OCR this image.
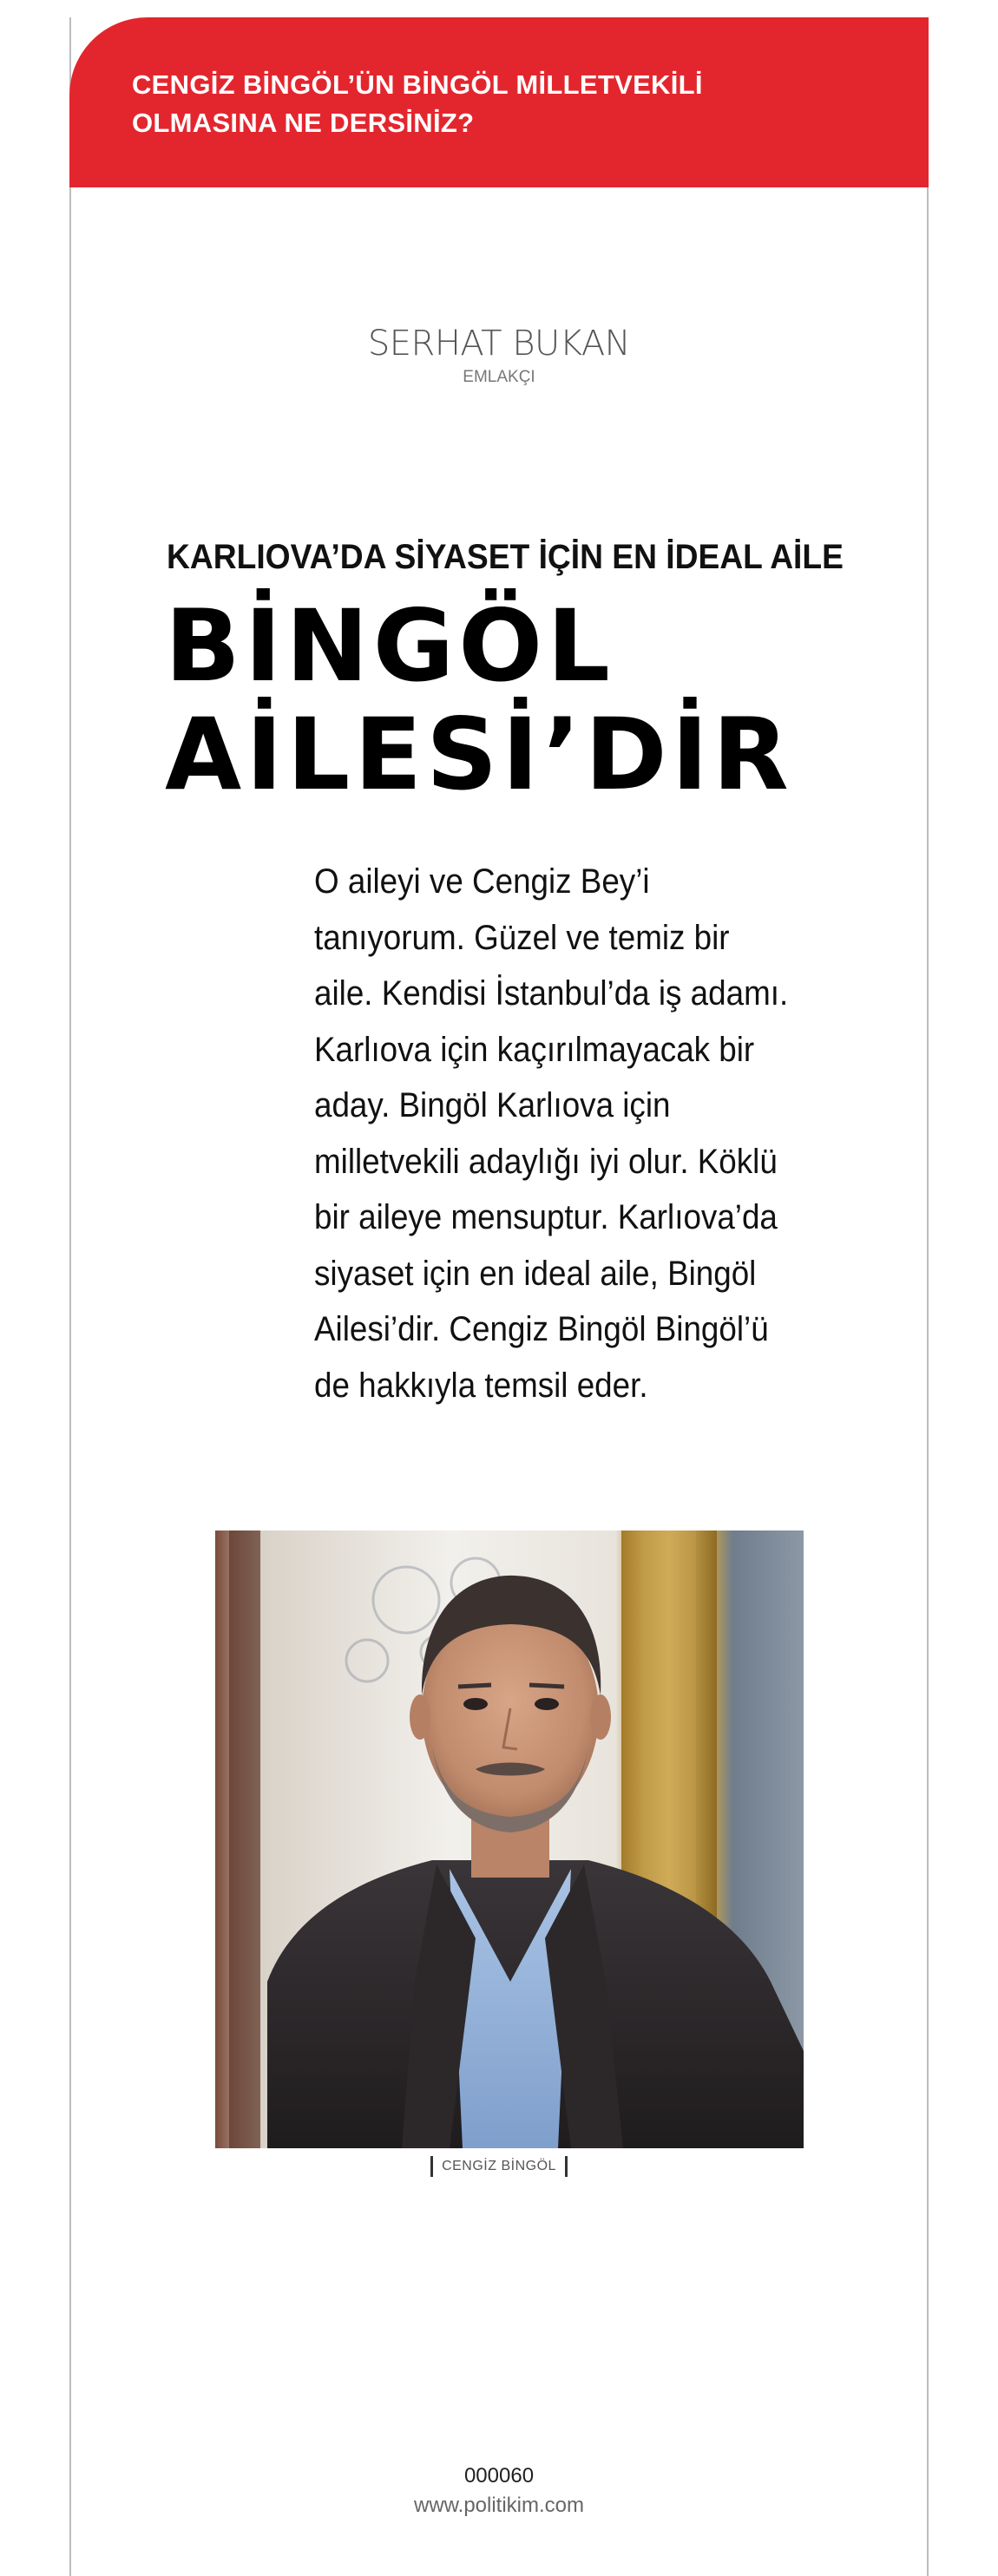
CENGİZ BİNGÖL’ÜN BİNGÖL MİLLETVEKİLİ
OLMASINA NE DERSİNİZ?

SERHAT BUKAN
EMLAKÇI
KARLIOVA’DA SİYASET İÇİN EN İDEAL AİLE
BİNGÖL
AİLESİ’DİR

O aileyi ve Cengiz Bey’i tanıyorum. Güzel ve temiz bir aile. Kendisi İstanbul’da iş adamı. Karlıova için kaçırılmayacak bir aday. Bingöl Karlıova için milletvekili adaylığı iyi olur. Köklü bir aileye mensuptur. Karlıova’da siyaset için en ideal aile, Bingöl Ailesi’dir. Cengiz Bingöl Bingöl’ü de hakkıyla temsil eder.

CENGİZ BİNGÖL
000060
www.politikim.com
